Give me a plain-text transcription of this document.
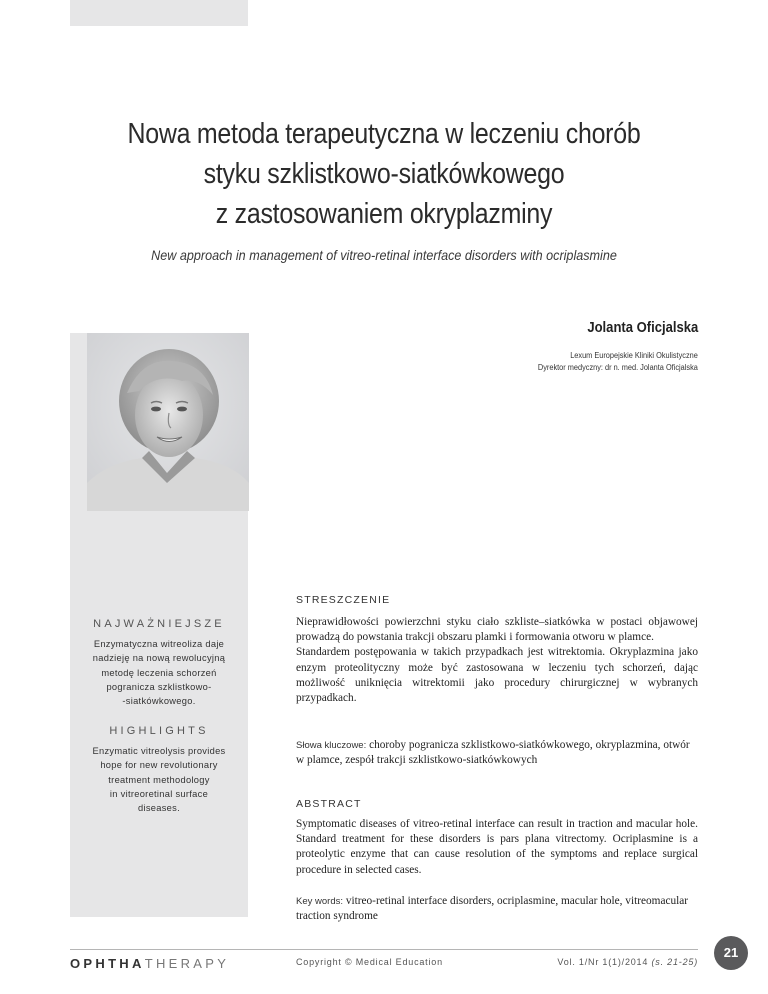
Nowa metoda terapeutyczna w leczeniu chorób
styku szklistkowo-siatkówkowego
z zastosowaniem okryplazminy
New approach in management of vitreo-retinal interface disorders with ocriplasmine
Jolanta Oficjalska
Lexum Europejskie Kliniki Okulistyczne
Dyrektor medyczny: dr n. med. Jolanta Oficjalska
NAJWAŻNIEJSZE
Enzymatyczna witreoliza daje
nadzieję na nową rewolucyjną
metodę leczenia schorzeń
pogranicza szklistkowo-
-siatkówkowego.
HIGHLIGHTS
Enzymatic vitreolysis provides
hope for new revolutionary
treatment methodology
in vitreoretinal surface
diseases.
STRESZCZENIE

Nieprawidłowości powierzchni styku ciało szkliste–siatkówka w postaci objawowej prowadzą do powstania trakcji obszaru plamki i formowania otworu w plamce.

Standardem postępowania w takich przypadkach jest witrektomia. Okryplazmina jako enzym proteolityczny może być zastosowana w leczeniu tych schorzeń, dając możliwość uniknięcia witrektomii jako procedury chirurgicznej w wybranych przypadkach.

Słowa kluczowe: choroby pogranicza szklistkowo-siatkówkowego, okryplazmina, otwór w plamce, zespół trakcji szklistkowo-siatkówkowych
ABSTRACT

Symptomatic diseases of vitreo-retinal interface can result in traction and macular hole. Standard treatment for these disorders is pars plana vitrectomy. Ocriplasmine is a proteolytic enzyme that can cause resolution of the symptoms and replace surgical procedure in selected cases.

Key words: vitreo-retinal interface disorders, ocriplasmine, macular hole, vitreomacular traction syndrome
OPHTHATHERAPY	Copyright © Medical Education	Vol. 1/Nr 1(1)/2014 (s. 21-25)
21
